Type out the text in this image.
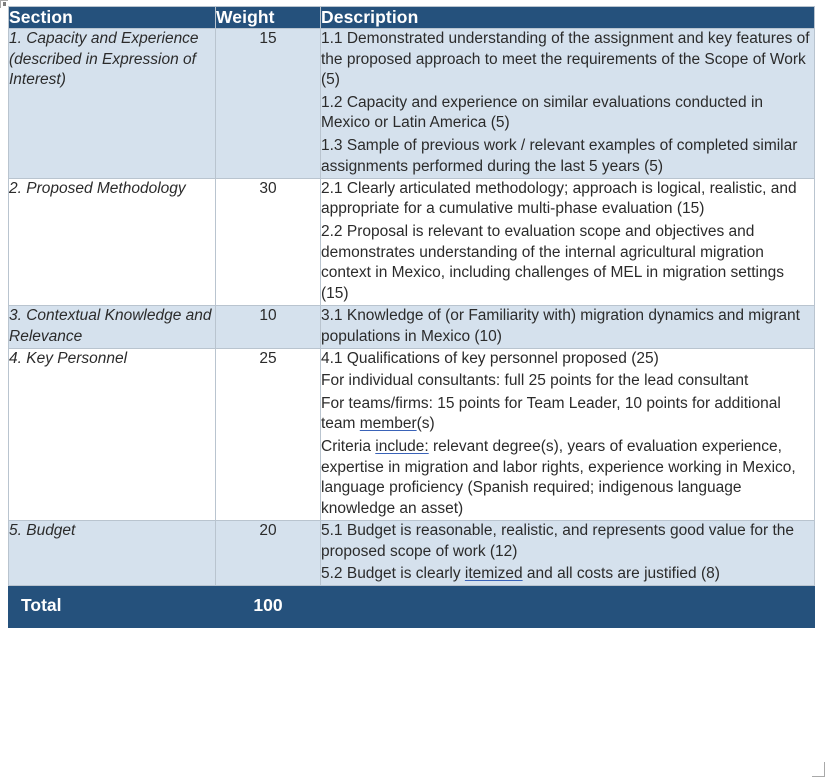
Section	Weight	Description
1. Capacity and Experience (described in Expression of Interest)	15	1.1 Demonstrated understanding of the assignment and key features of the proposed approach to meet the requirements of the Scope of Work (5)

1.2 Capacity and experience on similar evaluations conducted in Mexico or Latin America (5)

1.3 Sample of previous work / relevant examples of completed similar assignments performed during the last 5 years (5)

2. Proposed Methodology	30	2.1 Clearly articulated methodology; approach is logical, realistic, and appropriate for a cumulative multi-phase evaluation (15)

2.2 Proposal is relevant to evaluation scope and objectives and demonstrates understanding of the internal agricultural migration context in Mexico, including challenges of MEL in migration settings (15)

3. Contextual Knowledge and Relevance	10	3.1 Knowledge of (or Familiarity with) migration dynamics and migrant populations in Mexico (10)

4. Key Personnel	25	4.1 Qualifications of key personnel proposed (25)

For individual consultants: full 25 points for the lead consultant

For teams/firms: 15 points for Team Leader, 10 points for additional team member(s)

Criteria include: relevant degree(s), years of evaluation experience, expertise in migration and labor rights, experience working in Mexico, language proficiency (Spanish required; indigenous language knowledge an asset)

5. Budget	20	5.1 Budget is reasonable, realistic, and represents good value for the proposed scope of work (12)

5.2 Budget is clearly itemized and all costs are justified (8)

Total	100	
